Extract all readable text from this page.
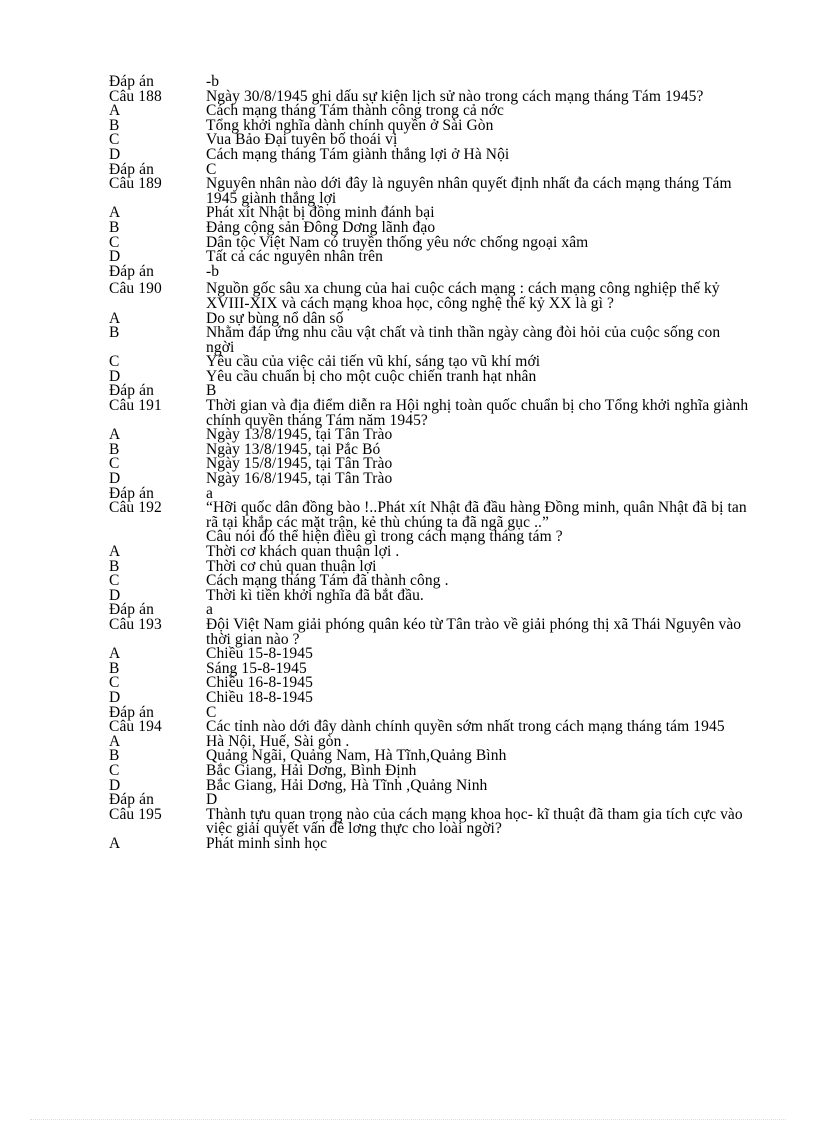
Đáp án	-b
Câu 188	Ngày 30/8/1945 ghi dấu sự kiện lịch sử nào trong cách mạng tháng Tám 1945?
A	Cách mạng tháng Tám thành công trong cả nớc
B	Tổng khởi nghĩa dành chính quyền ở Sài Gòn
C	Vua Bảo Đại tuyên bố thoái vị
D	Cách mạng tháng Tám giành thắng lợi ở Hà Nội
Đáp án	C
Câu 189	Nguyên nhân nào dới đây là nguyên nhân quyết định nhất đa cách mạng tháng Tám 1945 giành thắng lợi
A	Phát xít Nhật bị đồng minh đánh bại
B	Đảng cộng sản Đông Dơng lãnh đạo
C	Dân tộc Việt Nam có truyền thống yêu nớc chống ngoại xâm
D	Tất cả các nguyên nhân trên
Đáp án	-b
Câu 190	Nguồn gốc sâu xa chung của hai cuộc cách mạng : cách mạng công nghiệp thế kỷ XVIII-XIX và cách mạng khoa học, công nghệ thế kỷ XX là gì ?
A	Do sự bùng nổ dân số
B	Nhằm đáp ứng nhu cầu vật chất và tinh thần ngày càng đòi hỏi của cuộc sống con ngời
C	Yêu cầu của việc cải tiến vũ khí, sáng tạo vũ khí mới
D	Yêu cầu chuẩn bị cho một cuộc chiến tranh hạt nhân
Đáp án	B
Câu 191	Thời gian và địa điểm diễn ra Hội nghị toàn quốc chuẩn bị cho Tổng khởi nghĩa giành chính quyền tháng Tám năm 1945?
A	Ngày 13/8/1945, tại Tân Trào
B	Ngày 13/8/1945, tại Pắc Bó
C	Ngày 15/8/1945, tại Tân Trào
D	Ngày 16/8/1945, tại Tân Trào
Đáp án	a
Câu 192	“Hỡi quốc dân đồng bào !..Phát xít Nhật đã đầu hàng Đồng minh, quân Nhật đã bị tan rã tại khắp các mặt trận, kẻ thù chúng ta đã ngã gục ..”
Câu nói đó thể hiện điều gì trong cách mạng tháng tám ?
A	Thời cơ khách quan thuận lợi .
B	Thời cơ chủ quan thuận lợi
C	Cách mạng tháng Tám đã thành công .
D	Thời kì tiền khởi nghĩa đã bắt đầu.
Đáp án	a
Câu 193	Đội Việt Nam giải phóng quân kéo từ Tân trào về giải phóng thị xã Thái Nguyên vào thời gian nào ?
A	Chiều 15-8-1945
B	Sáng 15-8-1945
C	Chiều 16-8-1945
D	Chiều 18-8-1945
Đáp án	C
Câu 194	Các tỉnh nào dới đây dành chính quyền sớm nhất trong cách mạng tháng tám 1945
A	Hà Nội, Huế, Sài gòn .
B	Quảng Ngãi, Quảng Nam, Hà Tĩnh,Quảng Bình
C	Bắc Giang, Hải Dơng, Bình Định
D	Bắc Giang, Hải Dơng, Hà Tĩnh ,Quảng Ninh
Đáp án	D
Câu 195	Thành tựu quan trọng nào của cách mạng khoa học- kĩ thuật đã tham gia tích cực vào việc giải quyết vấn đề lơng thực cho loài ngời?
A	Phát minh sinh học
